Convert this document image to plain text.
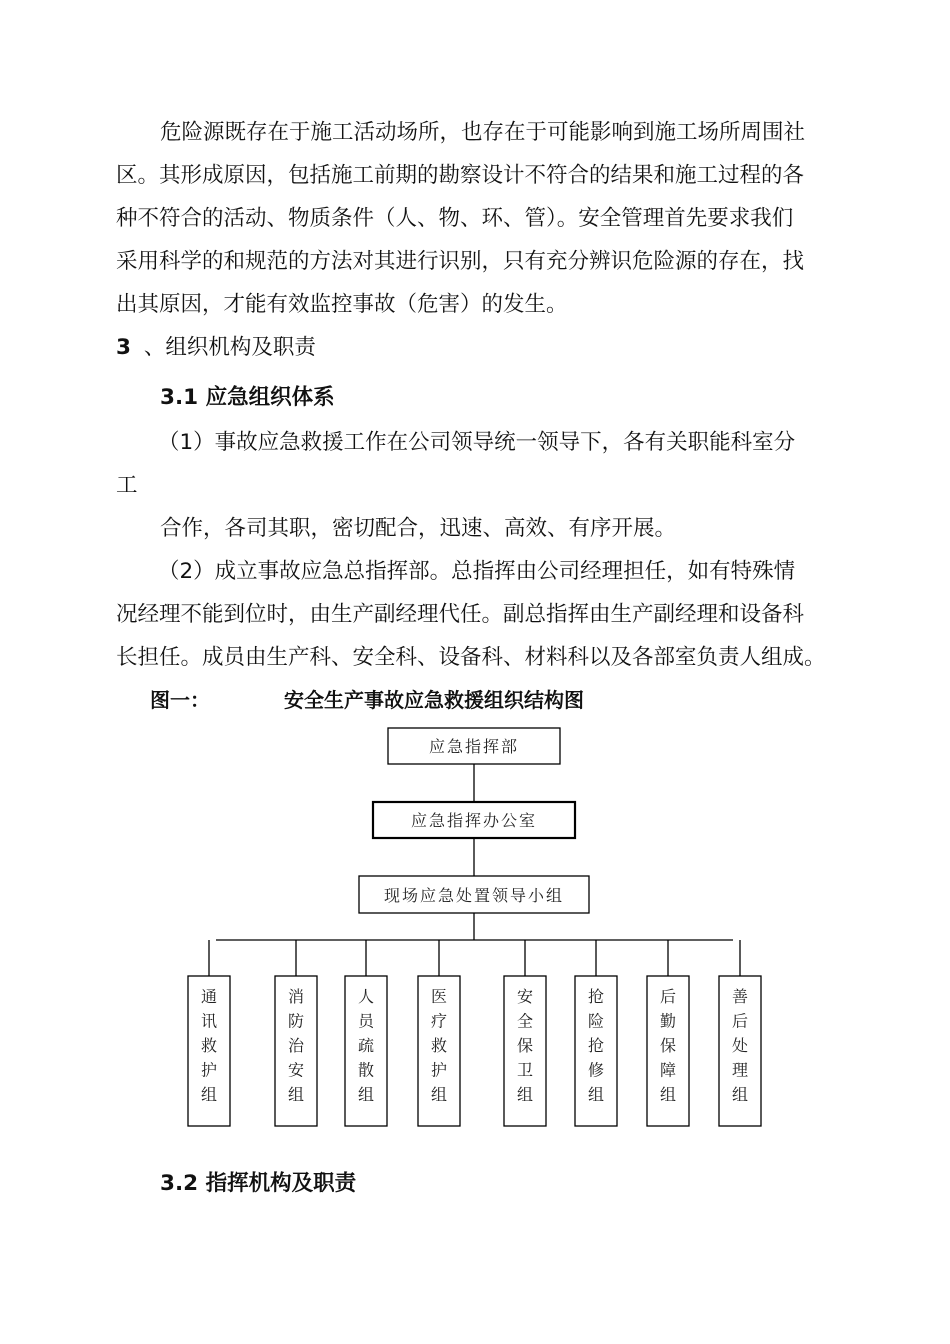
危险源既存在于施工活动场所，也存在于可能影响到施工场所周围社
区。其形成原因，包括施工前期的勘察设计不符合的结果和施工过程的各
种不符合的活动、物质条件（人、物、环、管）。安全管理首先要求我们
采用科学的和规范的方法对其进行识别，只有充分辨识危险源的存在，找
出其原因，才能有效监控事故（危害）的发生。
3 、组织机构及职责
3.1 应急组织体系
（1）事故应急救援工作在公司领导统一领导下，各有关职能科室分
工
合作，各司其职，密切配合，迅速、高效、有序开展。
（2）成立事故应急总指挥部。总指挥由公司经理担任，如有特殊情
况经理不能到位时，由生产副经理代任。副总指挥由生产副经理和设备科
长担任。成员由生产科、安全科、设备科、材料科以及各部室负责人组成。
图一：	安全生产事故应急救援组织结构图
通讯救护组
消防治安组
人员疏散组
医疗救护组
安全保卫组
抢险抢修组
后勤保障组
善后处理组
应急指挥部
应急指挥办公室
现场应急处置领导小组
3.2 指挥机构及职责
